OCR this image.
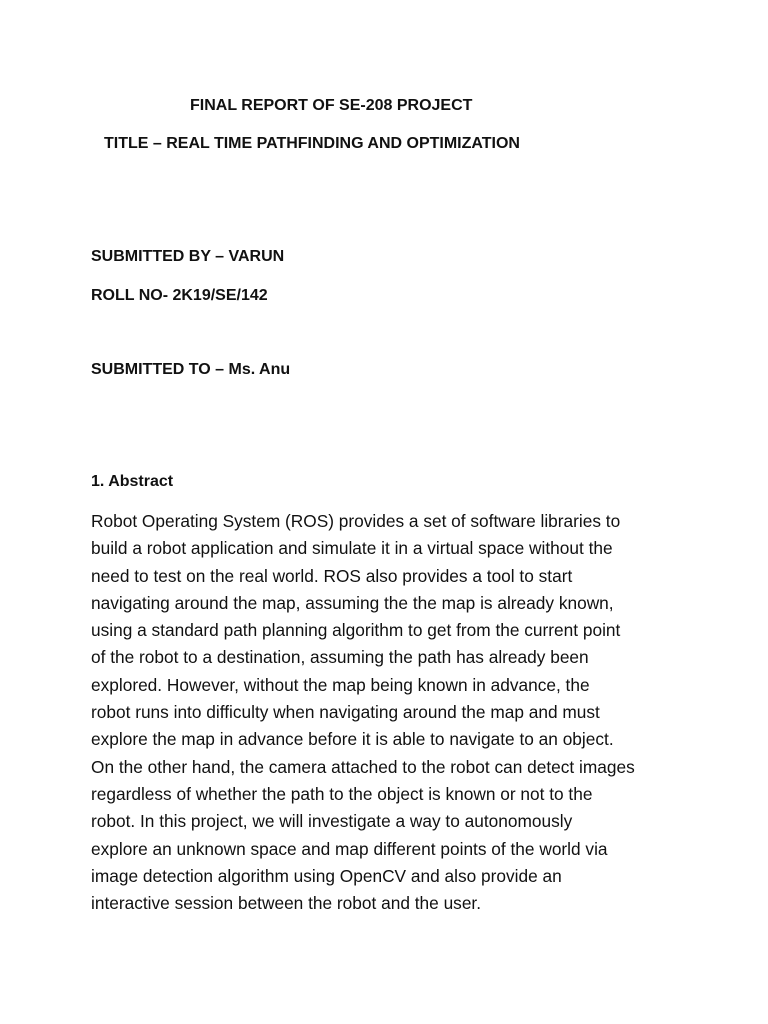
FINAL REPORT OF SE-208 PROJECT
TITLE – REAL TIME PATHFINDING AND OPTIMIZATION
SUBMITTED BY – VARUN
ROLL NO- 2K19/SE/142
SUBMITTED TO – Ms. Anu
1. Abstract
Robot Operating System (ROS) provides a set of software libraries to
build a robot application and simulate it in a virtual space without the
need to test on the real world. ROS also provides a tool to start
navigating around the map, assuming the the map is already known,
using a standard path planning algorithm to get from the current point
of the robot to a destination, assuming the path has already been
explored. However, without the map being known in advance, the
robot runs into difficulty when navigating around the map and must
explore the map in advance before it is able to navigate to an object.
On the other hand, the camera attached to the robot can detect images
regardless of whether the path to the object is known or not to the
robot. In this project, we will investigate a way to autonomously
explore an unknown space and map different points of the world via
image detection algorithm using OpenCV and also provide an
interactive session between the robot and the user.
